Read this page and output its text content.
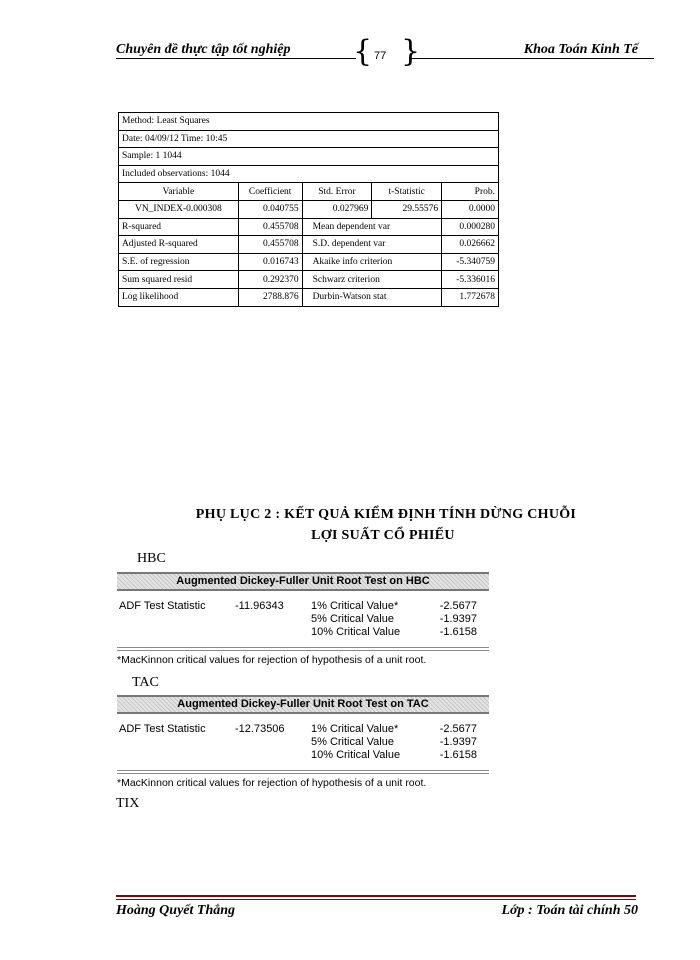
Chuyên đề thực tập tốt nghiệp { 77 }	Khoa Toán Kinh Tế
Method: Least Squares				
Date: 04/09/12 Time: 10:45				
Sample: 1 1044				
Included observations: 1044				
Variable	Coefficient	Std. Error	t-Statistic	Prob.
VN_INDEX-0.000308	0.040755	0.027969	29.55576	0.0000
R-squared	0.455708	Mean dependent var		0.000280
Adjusted R-squared	0.455708	S.D. dependent var		0.026662
S.E. of regression	0.016743	Akaike info criterion		-5.340759
Sum squared resid	0.292370	Schwarz criterion		-5.336016
Log likelihood	2788.876	Durbin-Watson stat		1.772678
PHỤ LỤC 2 : KẾT QUẢ KIỂM ĐỊNH TÍNH DỪNG CHUỖI
LỢI SUẤT CỔ PHIẾU
HBC
Augmented Dickey-Fuller Unit Root Test on HBC
ADF Test Statistic	-11.96343 1% Critical Value*	-2.5677
5% Critical Value	-1.9397
10% Critical Value	-1.6158
*MacKinnon critical values for rejection of hypothesis of a unit root.
TAC
Augmented Dickey-Fuller Unit Root Test on TAC
ADF Test Statistic	-12.73506 1% Critical Value*	-2.5677
5% Critical Value	-1.9397
10% Critical Value	-1.6158
*MacKinnon critical values for rejection of hypothesis of a unit root.
TIX
Hoàng Quyết Thắng	Lớp : Toán tài chính 50
